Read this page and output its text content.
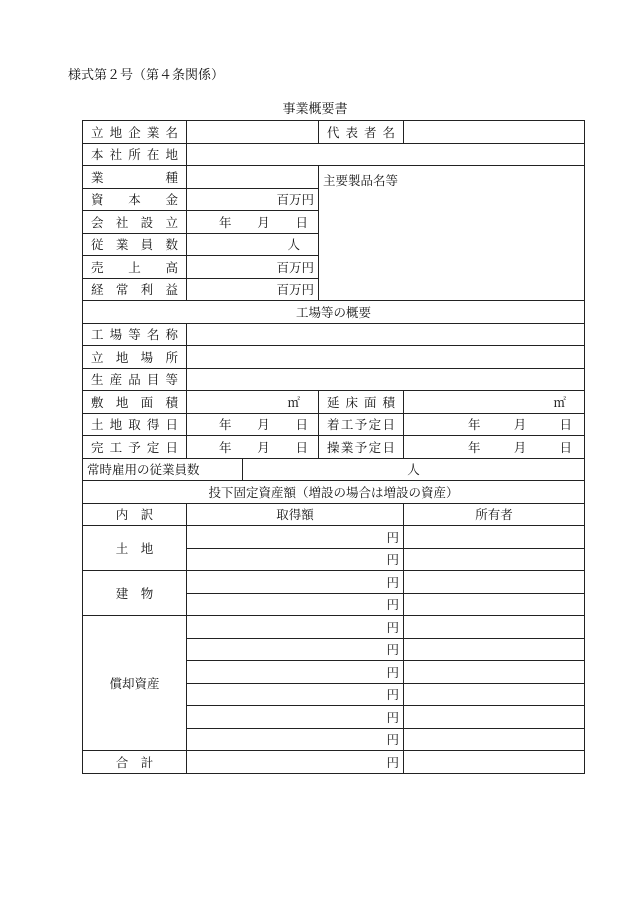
様式第２号（第４条関係）
事業概要書
立地企業名			代表者名	
本社所在地				
業種			主要製品名等	
資本金	百万円			
会社設立	年 月 日			

従業員数	人			
売上高	百万円			
経常利益	百万円			
工場等の概要				
工場等名称				
立地場所				
生産品目等				
敷地面積	㎡		延床面積	㎡
土地取得日	年 月 日		着工予定日	年 月 日

完工予定日	年 月 日		操業予定日	年 月 日

常時雇用の従業員数		人		
投下固定資産額（増設の場合は増設の資産）				
内　訳	取得額			所有者
土　地	円			
	円			
建　物	円			
	円			
償却資産	円			
	円			
	円			
	円			
	円			
	円			
合　計	円			
